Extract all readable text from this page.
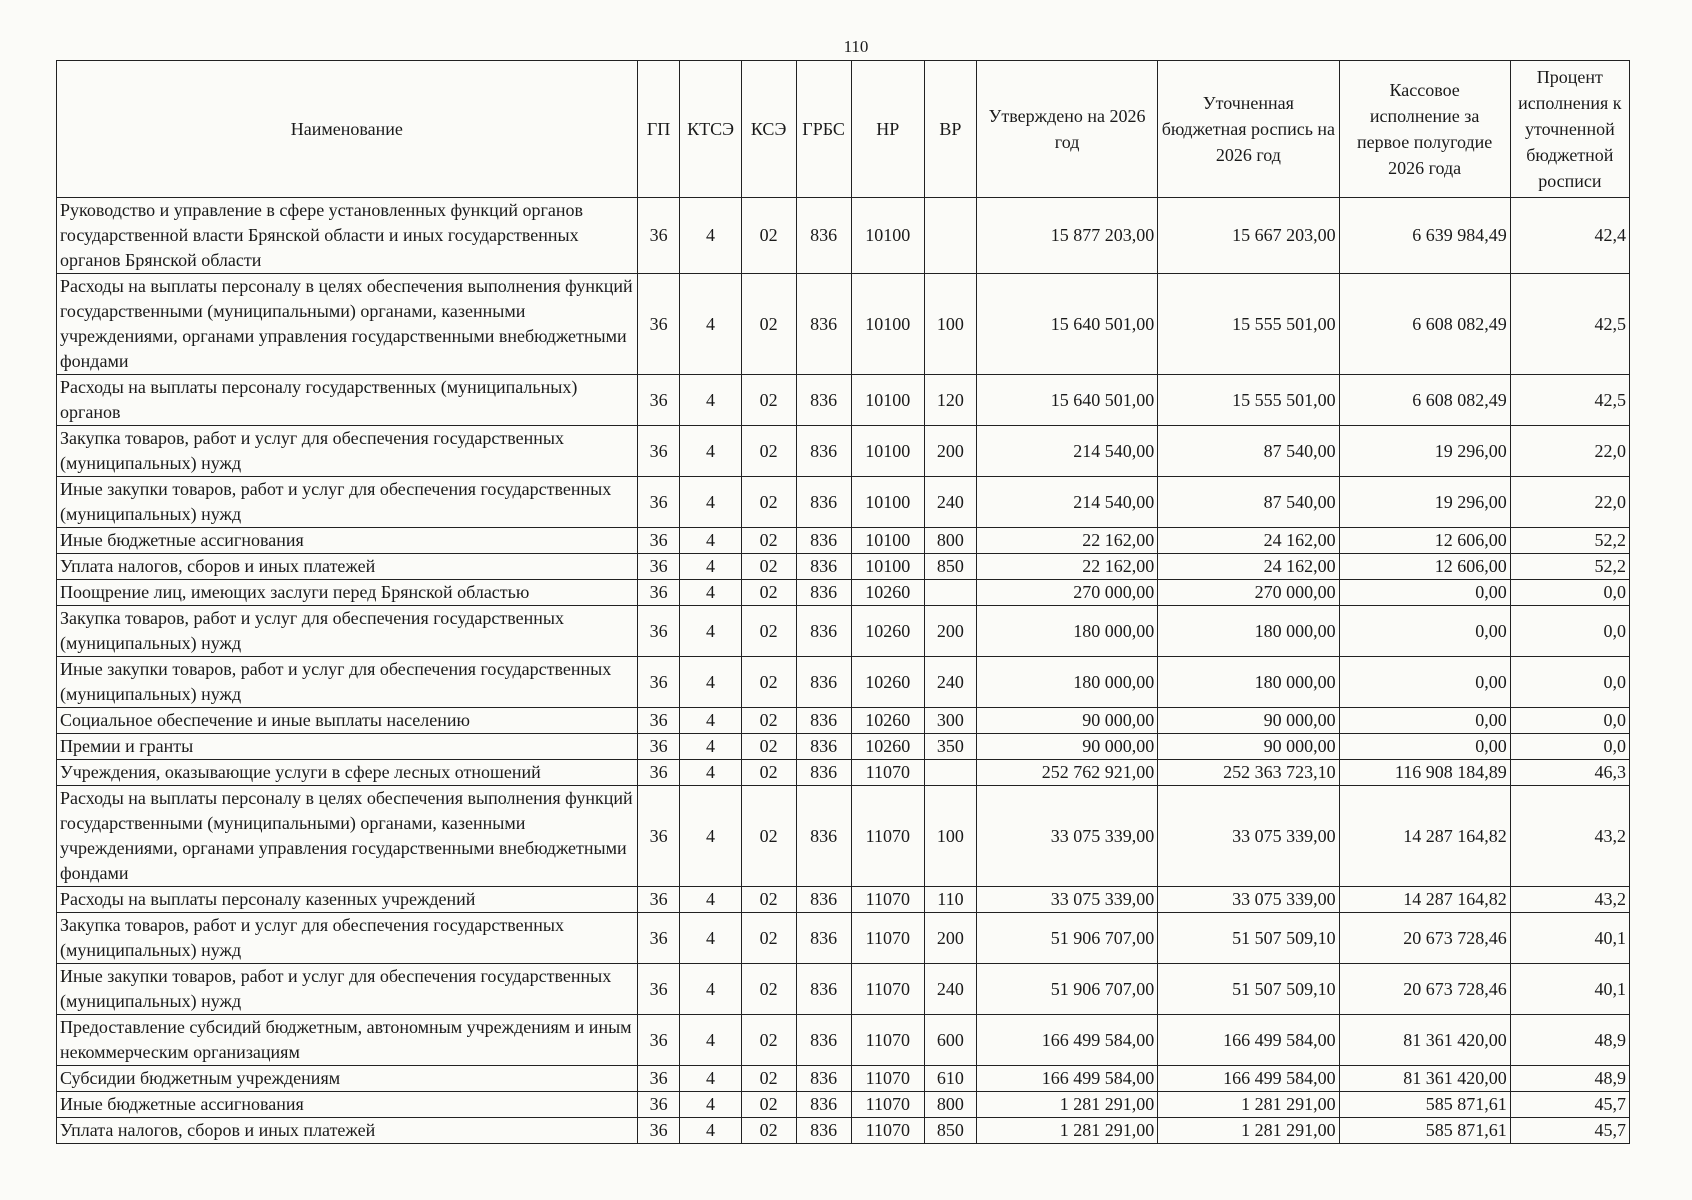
110
Наименование	ГП	КТСЭ	КСЭ	ГРБС	НР	ВР	Утверждено на 2026 год	Уточненная бюджетная роспись на 2026 год	Кассовое исполнение за первое полугодие 2026 года	Процент исполнения к уточненной бюджетной росписи
Руководство и управление в сфере установленных функций органов государственной власти Брянской области и иных государственных органов Брянской области	36	4	02	836	10100		15 877 203,00	15 667 203,00	6 639 984,49	42,4
Расходы на выплаты персоналу в целях обеспечения выполнения функций государственными (муниципальными) органами, казенными учреждениями, органами управления государственными внебюджетными фондами	36	4	02	836	10100	100	15 640 501,00	15 555 501,00	6 608 082,49	42,5
Расходы на выплаты персоналу государственных (муниципальных) органов	36	4	02	836	10100	120	15 640 501,00	15 555 501,00	6 608 082,49	42,5
Закупка товаров, работ и услуг для обеспечения государственных (муниципальных) нужд	36	4	02	836	10100	200	214 540,00	87 540,00	19 296,00	22,0
Иные закупки товаров, работ и услуг для обеспечения государственных (муниципальных) нужд	36	4	02	836	10100	240	214 540,00	87 540,00	19 296,00	22,0
Иные бюджетные ассигнования	36	4	02	836	10100	800	22 162,00	24 162,00	12 606,00	52,2
Уплата налогов, сборов и иных платежей	36	4	02	836	10100	850	22 162,00	24 162,00	12 606,00	52,2
Поощрение лиц, имеющих заслуги перед Брянской областью	36	4	02	836	10260		270 000,00	270 000,00	0,00	0,0
Закупка товаров, работ и услуг для обеспечения государственных (муниципальных) нужд	36	4	02	836	10260	200	180 000,00	180 000,00	0,00	0,0
Иные закупки товаров, работ и услуг для обеспечения государственных (муниципальных) нужд	36	4	02	836	10260	240	180 000,00	180 000,00	0,00	0,0
Социальное обеспечение и иные выплаты населению	36	4	02	836	10260	300	90 000,00	90 000,00	0,00	0,0
Премии и гранты	36	4	02	836	10260	350	90 000,00	90 000,00	0,00	0,0
Учреждения, оказывающие услуги в сфере лесных отношений	36	4	02	836	11070		252 762 921,00	252 363 723,10	116 908 184,89	46,3
Расходы на выплаты персоналу в целях обеспечения выполнения функций государственными (муниципальными) органами, казенными учреждениями, органами управления государственными внебюджетными фондами	36	4	02	836	11070	100	33 075 339,00	33 075 339,00	14 287 164,82	43,2
Расходы на выплаты персоналу казенных учреждений	36	4	02	836	11070	110	33 075 339,00	33 075 339,00	14 287 164,82	43,2
Закупка товаров, работ и услуг для обеспечения государственных (муниципальных) нужд	36	4	02	836	11070	200	51 906 707,00	51 507 509,10	20 673 728,46	40,1
Иные закупки товаров, работ и услуг для обеспечения государственных (муниципальных) нужд	36	4	02	836	11070	240	51 906 707,00	51 507 509,10	20 673 728,46	40,1
Предоставление субсидий бюджетным, автономным учреждениям и иным некоммерческим организациям	36	4	02	836	11070	600	166 499 584,00	166 499 584,00	81 361 420,00	48,9
Субсидии бюджетным учреждениям	36	4	02	836	11070	610	166 499 584,00	166 499 584,00	81 361 420,00	48,9
Иные бюджетные ассигнования	36	4	02	836	11070	800	1 281 291,00	1 281 291,00	585 871,61	45,7
Уплата налогов, сборов и иных платежей	36	4	02	836	11070	850	1 281 291,00	1 281 291,00	585 871,61	45,7
